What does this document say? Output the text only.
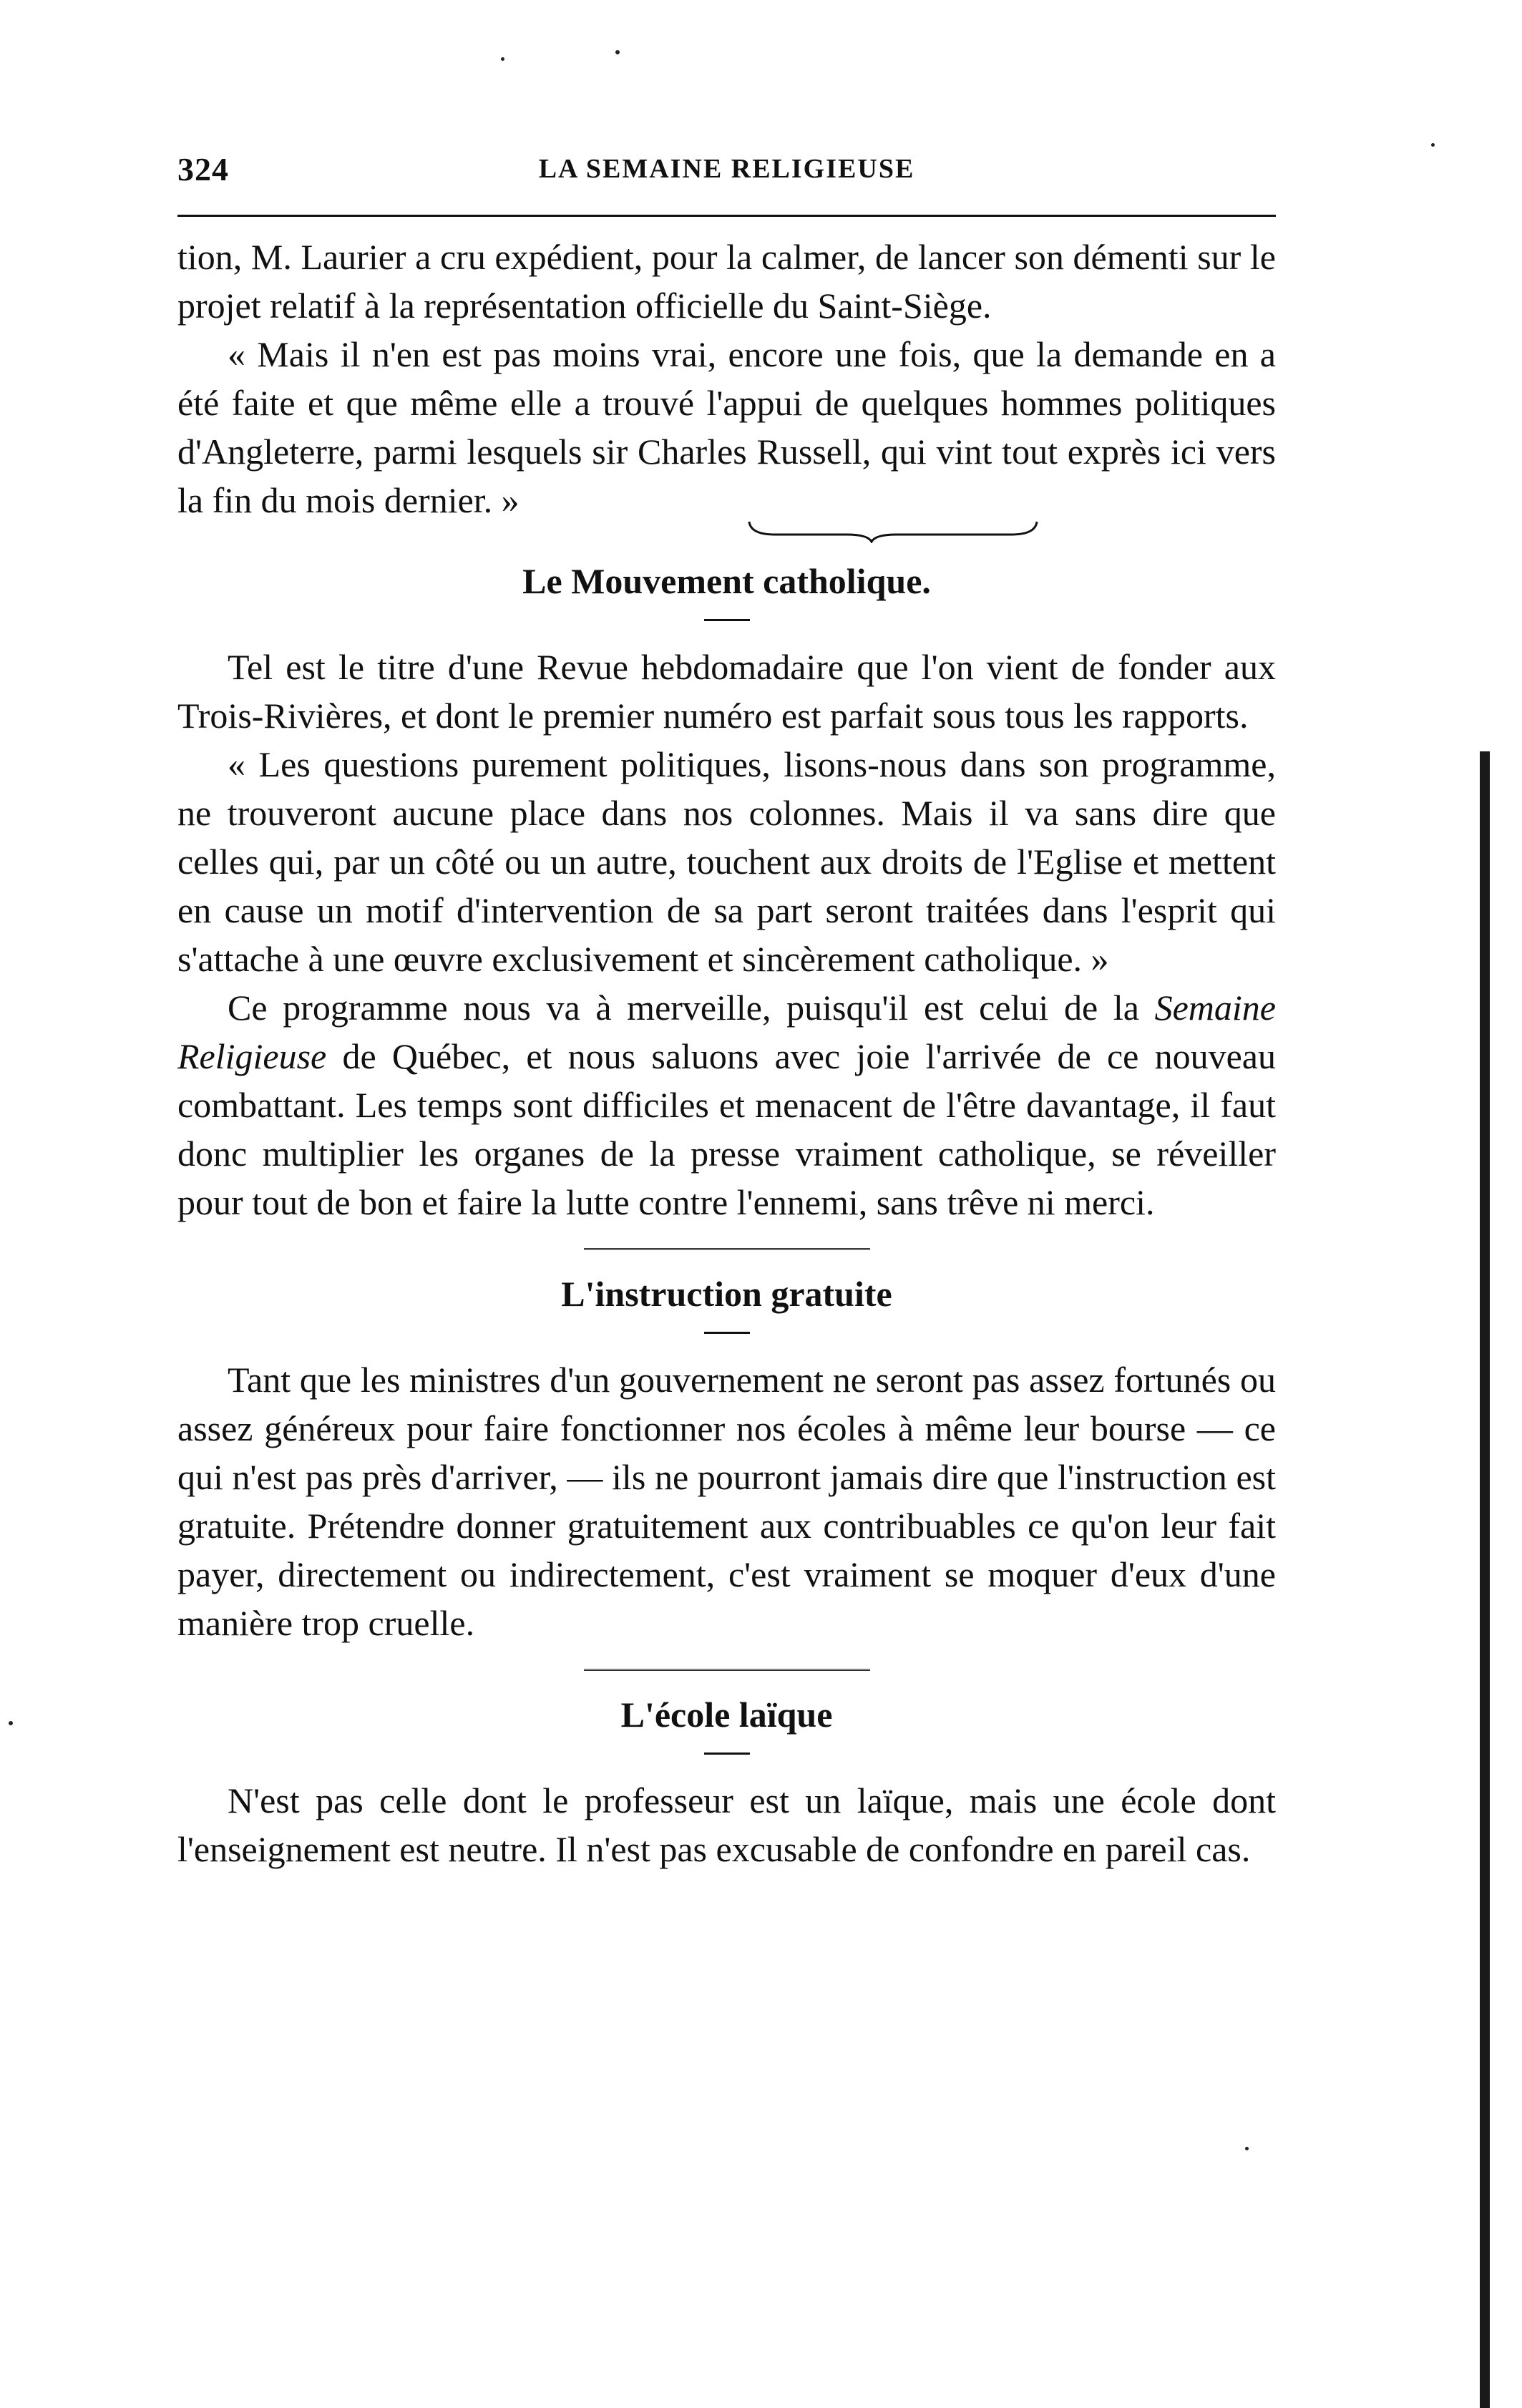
324	LA SEMAINE RELIGIEUSE

tion, M. Laurier a cru expédient, pour la calmer, de lancer son démenti sur le projet relatif à la représentation officielle du Saint-Siège.

« Mais il n'en est pas moins vrai, encore une fois, que la demande en a été faite et que même elle a trouvé l'appui de quelques hommes politiques d'Angleterre, parmi lesquels sir Charles Russell, qui vint tout exprès ici vers la fin du mois dernier. »

Le Mouvement catholique.

Tel est le titre d'une Revue hebdomadaire que l'on vient de fonder aux Trois-Rivières, et dont le premier numéro est parfait sous tous les rapports.

« Les questions purement politiques, lisons-nous dans son programme, ne trouveront aucune place dans nos colonnes. Mais il va sans dire que celles qui, par un côté ou un autre, touchent aux droits de l'Eglise et mettent en cause un motif d'intervention de sa part seront traitées dans l'esprit qui s'attache à une œuvre exclusivement et sincèrement catholique. »

Ce programme nous va à merveille, puisqu'il est celui de la Semaine Religieuse de Québec, et nous saluons avec joie l'arrivée de ce nouveau combattant. Les temps sont difficiles et menacent de l'être davantage, il faut donc multiplier les organes de la presse vraiment catholique, se réveiller pour tout de bon et faire la lutte contre l'ennemi, sans trêve ni merci.

L'instruction gratuite

Tant que les ministres d'un gouvernement ne seront pas assez fortunés ou assez généreux pour faire fonctionner nos écoles à même leur bourse — ce qui n'est pas près d'arriver, — ils ne pourront jamais dire que l'instruction est gratuite. Prétendre donner gratuitement aux contribuables ce qu'on leur fait payer, directement ou indirectement, c'est vraiment se moquer d'eux d'une manière trop cruelle.

L'école laïque

N'est pas celle dont le professeur est un laïque, mais une école dont l'enseignement est neutre. Il n'est pas excusable de confondre en pareil cas.
